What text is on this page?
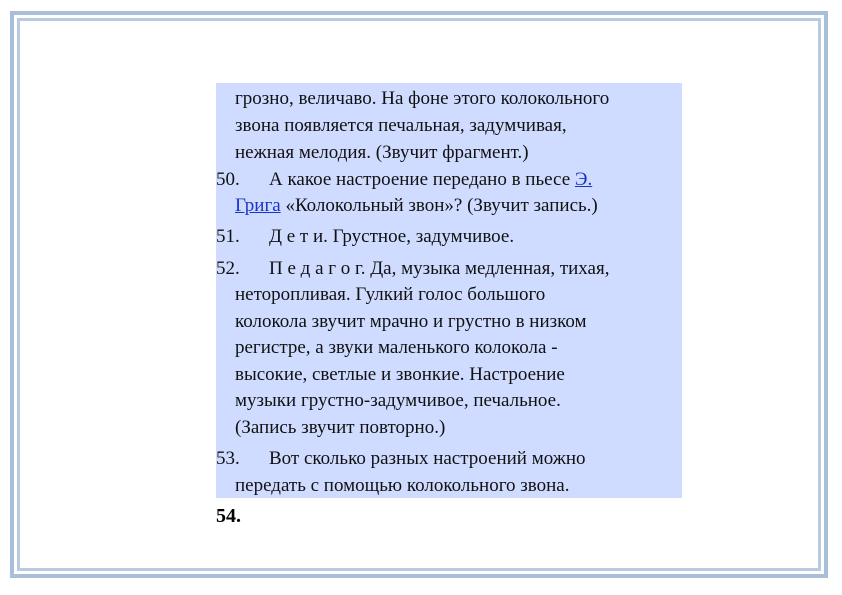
грозно, величаво. На фоне этого колокольного
звона появляется печальная, задумчивая,
нежная мелодия. (Звучит фрагмент.)
50. А какое настроение передано в пьесе Э.
Грига «Колокольный звон»? (Звучит запись.)
51. Д е т и. Грустное, задумчивое.
52. П е д а г о г. Да, музыка медленная, тихая,
неторопливая. Гулкий голос большого
колокола звучит мрачно и грустно в низком
регистре, а звуки маленького колокола -
высокие, светлые и звонкие. Настроение
музыки грустно-задумчивое, печальное.
(Запись звучит повторно.)
53. Вот сколько разных настроений можно
передать с помощью колокольного звона.
54.
